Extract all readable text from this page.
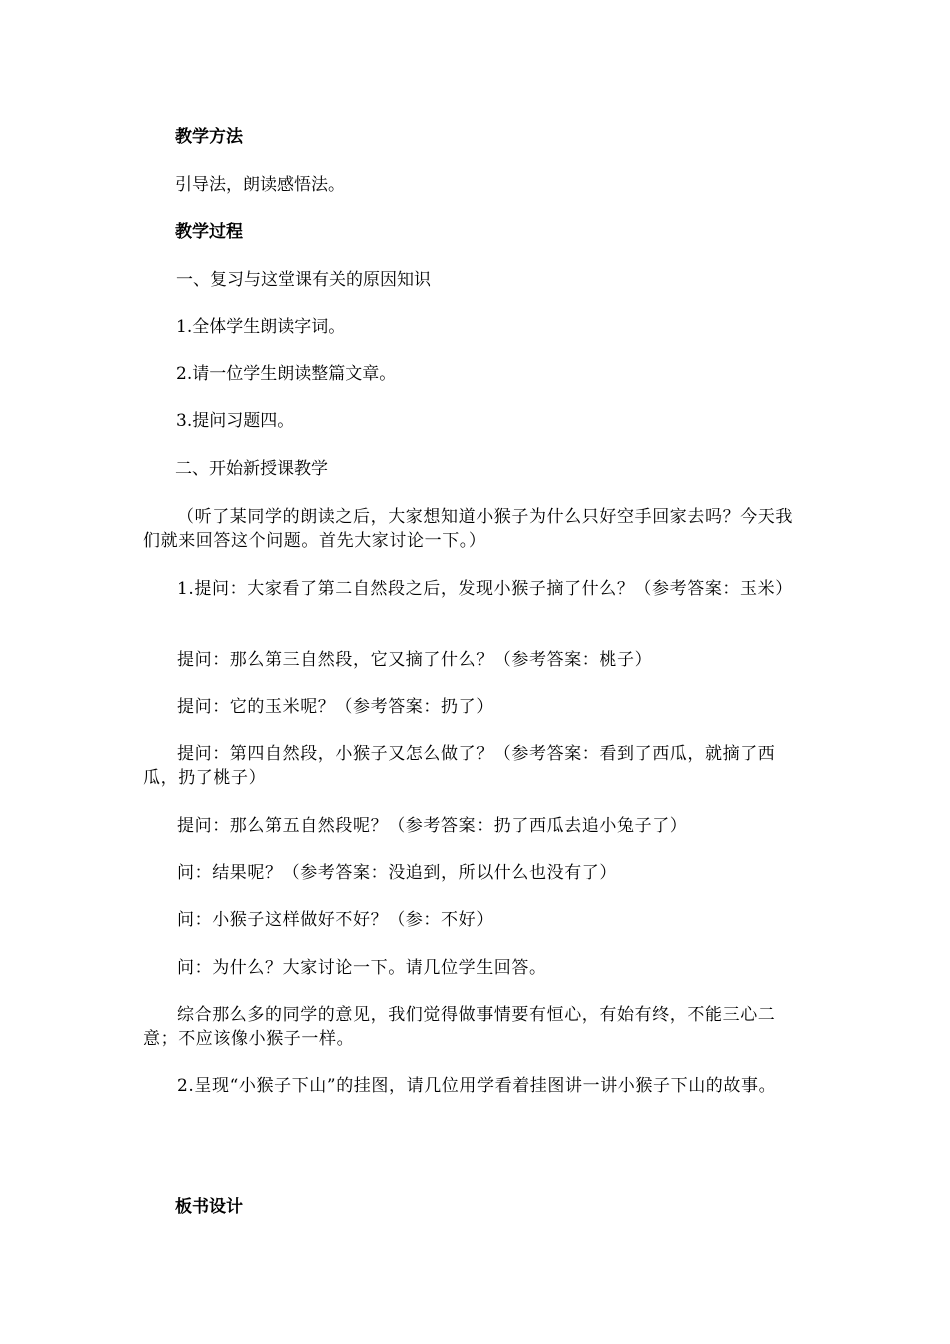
教学方法

引导法，朗读感悟法。

教学过程

一、复习与这堂课有关的原因知识

1.全体学生朗读字词。

2.请一位学生朗读整篇文章。

3.提问习题四。

二、开始新授课教学

（听了某同学的朗读之后，大家想知道小猴子为什么只好空手回家去吗？今天我们就来回答这个问题。首先大家讨论一下。）

1.提问：大家看了第二自然段之后，发现小猴子摘了什么？（参考答案：玉米）

提问：那么第三自然段，它又摘了什么？（参考答案：桃子）

提问：它的玉米呢？（参考答案：扔了）

提问：第四自然段，小猴子又怎么做了？（参考答案：看到了西瓜，就摘了西瓜，扔了桃子）

提问：那么第五自然段呢？（参考答案：扔了西瓜去追小兔子了）

问：结果呢？（参考答案：没追到，所以什么也没有了）

问：小猴子这样做好不好？（参：不好）

问：为什么？大家讨论一下。请几位学生回答。

综合那么多的同学的意见，我们觉得做事情要有恒心，有始有终，不能三心二意；不应该像小猴子一样。

2.呈现“小猴子下山”的挂图，请几位用学看着挂图讲一讲小猴子下山的故事。

板书设计
